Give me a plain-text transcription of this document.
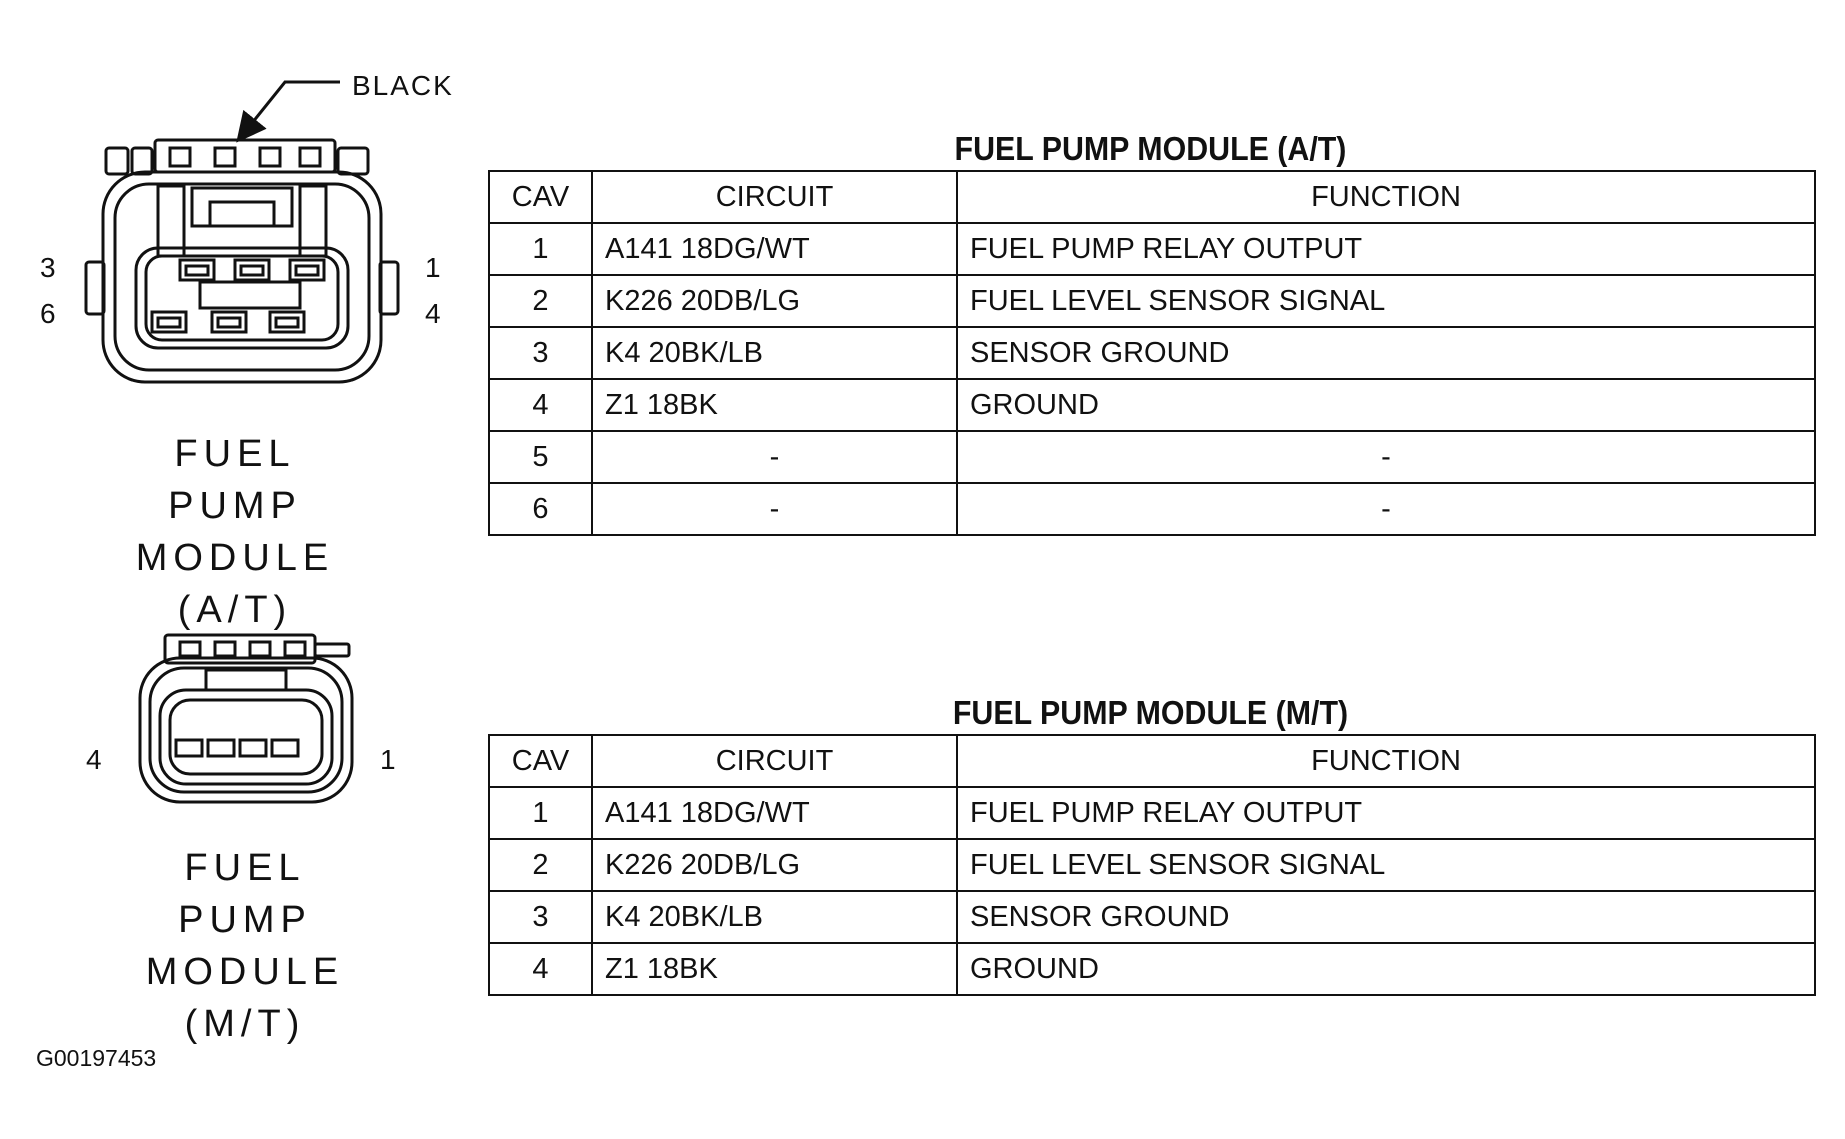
BLACK
3
6
1
4
FUEL PUMP
MODULE
(A/T)
4	1
FUEL
PUMP
MODULE
(M/T)
FUEL PUMP MODULE (A/T)
CAV	CIRCUIT	FUNCTION
1	A141 18DG/WT	FUEL PUMP RELAY OUTPUT
2	K226 20DB/LG	FUEL LEVEL SENSOR SIGNAL
3	K4 20BK/LB	SENSOR GROUND
4	Z1 18BK	GROUND
5	-	-
6	-	-
FUEL PUMP MODULE (M/T)
CAV	CIRCUIT	FUNCTION
1	A141 18DG/WT	FUEL PUMP RELAY OUTPUT
2	K226 20DB/LG	FUEL LEVEL SENSOR SIGNAL
3	K4 20BK/LB	SENSOR GROUND
4	Z1 18BK	GROUND
G00197453
